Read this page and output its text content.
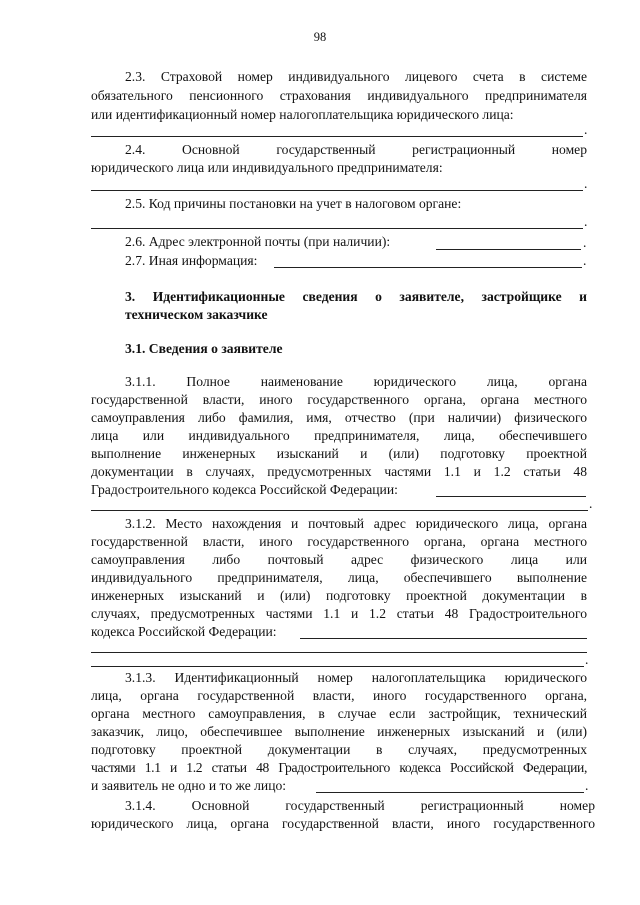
98
2.3. Страховой номер индивидуального лицевого счета в системе
обязательного пенсионного страхования индивидуального предпринимателя
или идентификационный номер налогоплательщика юридического лица:
.
2.4. Основной государственный регистрационный номер
юридического лица или индивидуального предпринимателя:
.
2.5. Код причины постановки на учет в налоговом органе:
.
2.6. Адрес электронной почты (при наличии):	.
2.7. Иная информация:	.
3. Идентификационные сведения о заявителе, застройщике и
техническом заказчике
3.1. Сведения о заявителе
3.1.1. Полное наименование юридического лица, органа
государственной власти, иного государственного органа, органа местного
самоуправления либо фамилия, имя, отчество (при наличии) физического
лица или индивидуального предпринимателя, лица, обеспечившего
выполнение инженерных изысканий и (или) подготовку проектной
документации в случаях, предусмотренных частями 1.1 и 1.2 статьи 48
Градостроительного кодекса Российской Федерации:
.
3.1.2. Место нахождения и почтовый адрес юридического лица, органа
государственной власти, иного государственного органа, органа местного
самоуправления либо почтовый адрес физического лица или
индивидуального предпринимателя, лица, обеспечившего выполнение
инженерных изысканий и (или) подготовку проектной документации в
случаях, предусмотренных частями 1.1 и 1.2 статьи 48 Градостроительного
кодекса Российской Федерации:
.
3.1.3. Идентификационный номер налогоплательщика юридического
лица, органа государственной власти, иного государственного органа,
органа местного самоуправления, в случае если застройщик, технический
заказчик, лицо, обеспечившее выполнение инженерных изысканий и (или)
подготовку проектной документации в случаях, предусмотренных
частями 1.1 и 1.2 статьи 48 Градостроительного кодекса Российской Федерации,
и заявитель не одно и то же лицо:	.
3.1.4. Основной государственный регистрационный номер
юридического лица, органа государственной власти, иного государственного
